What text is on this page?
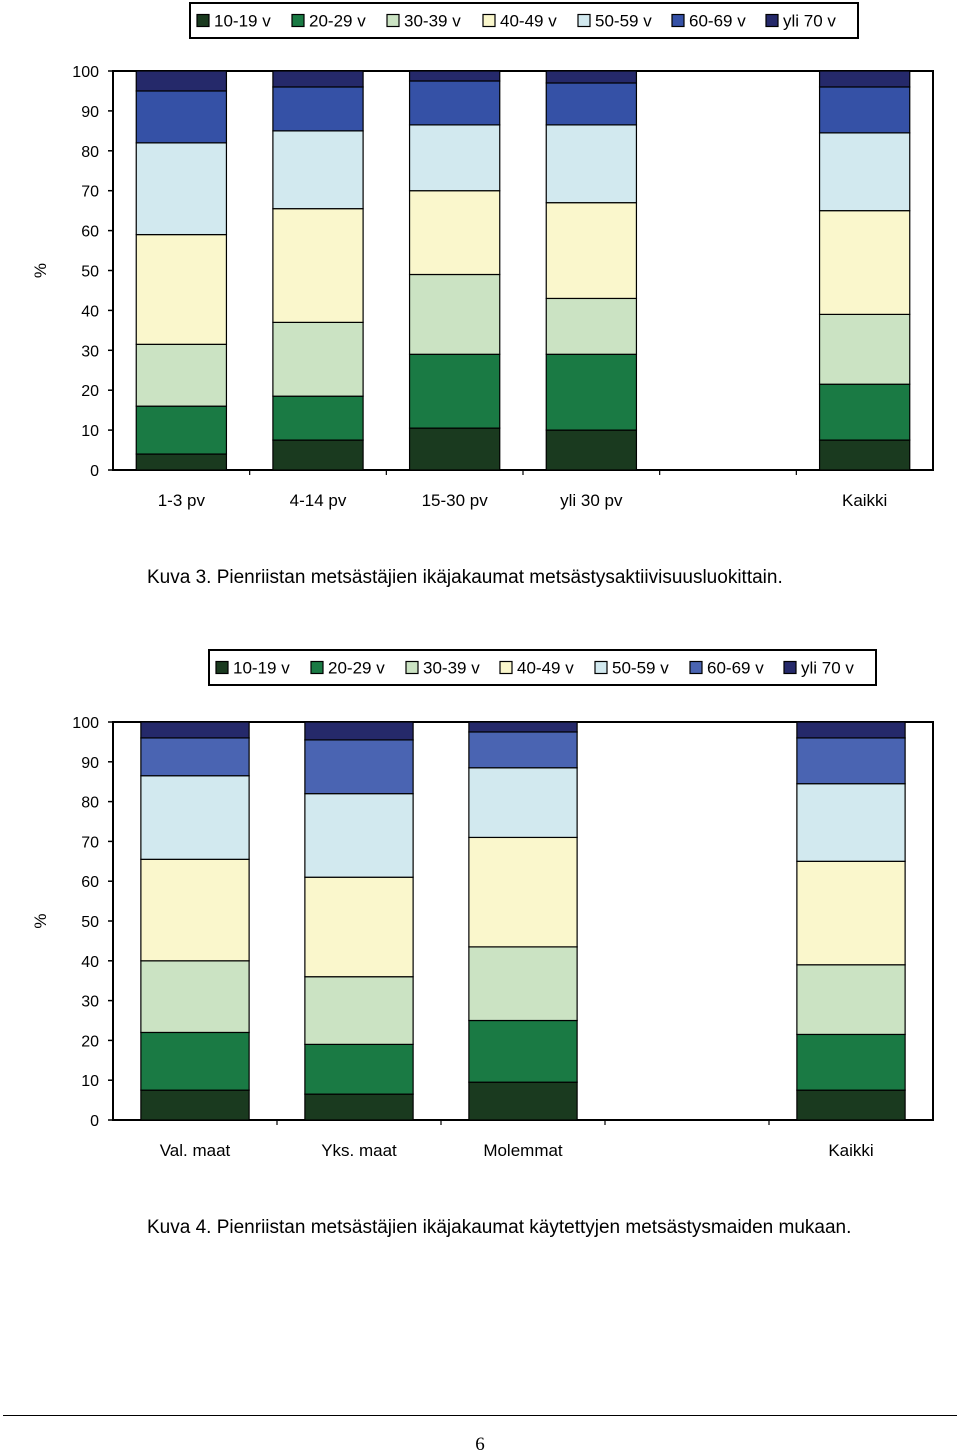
10-19 v 20-29 v 30-39 v 40-49 v 50-59 v 60-69 v yli 70 v
0
10
20
30
40
50
60
70
80
90
100
%
1-3 pv	4-14 pv	15-30 pv	yli 30 pv	Kaikki
Kuva 3. Pienriistan metsästäjien ikäjakaumat metsästysaktiivisuusluokittain.
10-19 v 20-29 v 30-39 v 40-49 v 50-59 v 60-69 v yli 70 v
0
10
20
30
40
50
60
70
80
90
100
%
Val. maat	Yks. maat	Molemmat	Kaikki
Kuva 4. Pienriistan metsästäjien ikäjakaumat käytettyjen metsästysmaiden mukaan.
6
